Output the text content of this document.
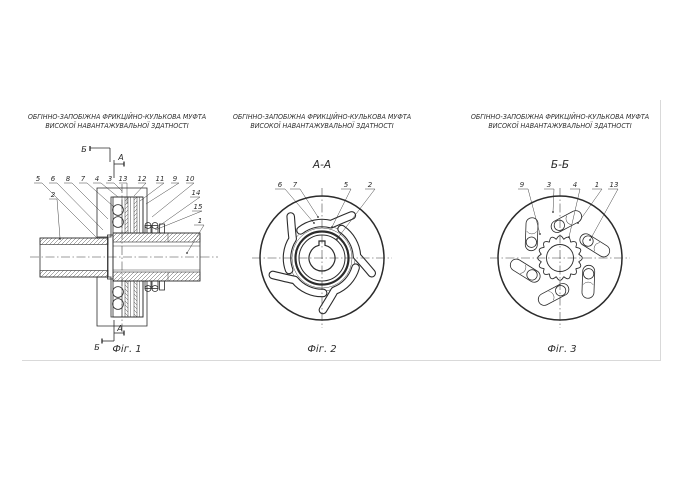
ОБГІННО-ЗАПОБІЖНА ФРИКЦІЙНО-КУЛЬКОВА МУФТА
ВИСОКОЇ НАВАНТАЖУВАЛЬНОЇ ЗДАТНОСТІ
ОБГІННО-ЗАПОБІЖНА ФРИКЦІЙНО-КУЛЬКОВА МУФТА
ВИСОКОЇ НАВАНТАЖУВАЛЬНОЇ ЗДАТНОСТІ
ОБГІННО-ЗАПОБІЖНА ФРИКЦІЙНО-КУЛЬКОВА МУФТА
ВИСОКОЇ НАВАНТАЖУВАЛЬНОЇ ЗДАТНОСТІ
А-А	Б-Б
Фіг. 1	Фіг. 2	Фіг. 3
Б
А
А
Б
5 6 8 7 4 3 13 12 11 9 10
2	14
15
1
6 7	5	2	9	3	4	1 13
